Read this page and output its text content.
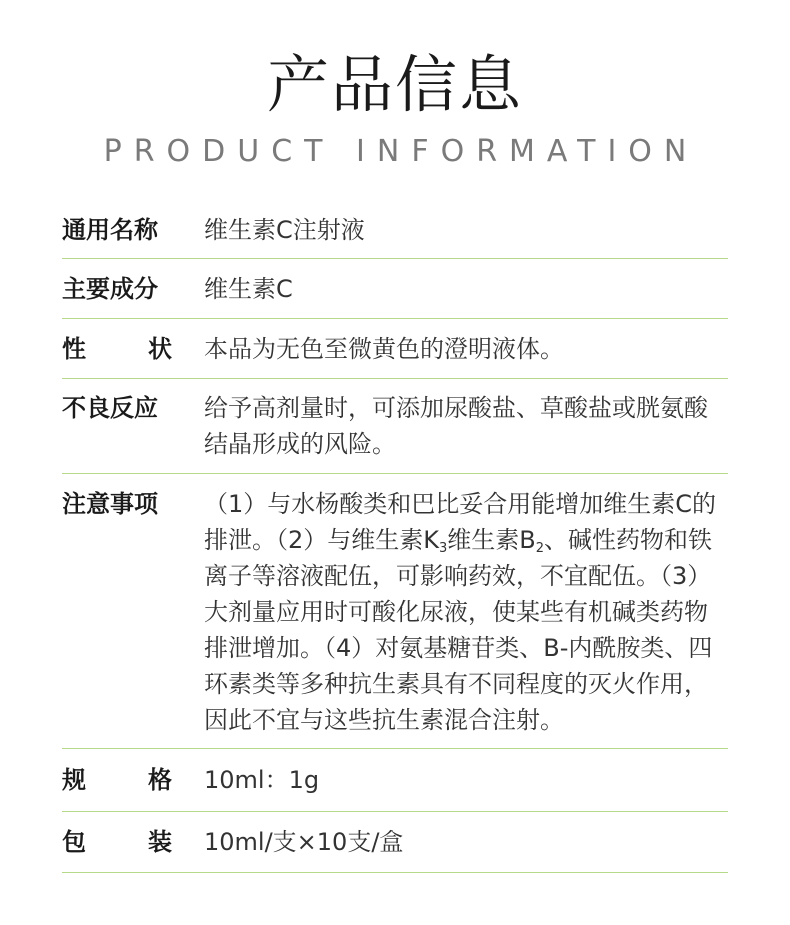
产品信息
PRODUCT INFORMATION
通用名称	维生素C注射液
主要成分	维生素C
性状 本品为无色至微黄色的澄明液体。
不良反应	给予高剂量时，可添加尿酸盐、草酸盐或胱氨酸结晶形成的风险。
注意事项	（1）与水杨酸类和巴比妥合用能增加维生素C的排泄。（2）与维生素$K_3$维生素$B_2$、碱性药物和铁离子等溶液配伍，可影响药效，不宜配伍。（3）大剂量应用时可酸化尿液，使某些有机碱类药物排泄增加。（4）对氨基糖苷类、B-内酰胺类、四环素类等多种抗生素具有不同程度的灭火作用，因此不宜与这些抗生素混合注射。
规格 10ml：1g
包装 10ml/支×10支/盒
